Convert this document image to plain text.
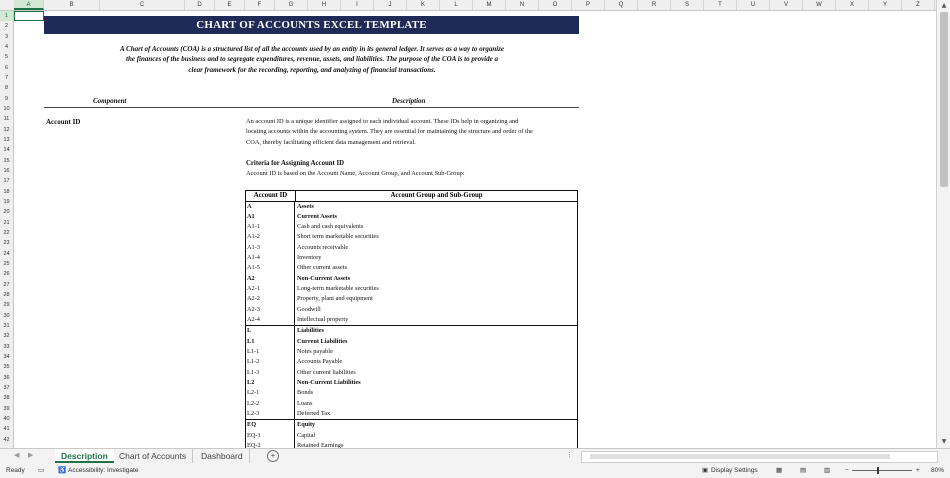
A	B	C	D	E	F	G	H	I	J	K	L	M	N	O	P	Q	R	S	T	U	V	W	X	Y	Z
1
2
3
4
5
6
7
8
9
10
11
12
13
14
15
16
17
18
19
20
21
22
23
24
25
26
27
28
29
30
31
32
33
34
35
36
37
38
39
40
41
42
CHART OF ACCOUNTS EXCEL TEMPLATE
A Chart of Accounts (COA) is a structured list of all the accounts used by an entity in its general ledger. It serves as a way to organize
the finances of the business and to segregate expenditures, revenue, assets, and liabilities. The purpose of the COA is to provide a
clear framework for the recording, reporting, and analyzing of financial transactions.
Component	Description
Account ID	An account ID is a unique identifier assigned to each individual account. These IDs help in organizing and
locating accounts within the accounting system. They are essential for maintaining the structure and order of the
COA, thereby facilitating efficient data management and retrieval.
Criteria for Assigning Account ID
Account ID is based on the Account Name, Account Group, and Account Sub-Group:
Account ID	Account Group and Sub-Group
A	Assets
A1	Current Assets
A1-1	Cash and cash equivalents
A1-2	Short term marketable securities
A1-3	Accounts receivable
A1-4	Inventory
A1-5	Other current assets
A2	Non-Current Assets
A2-1	Long-term marketable securities
A2-2	Property, plant and equipment
A2-3	Goodwill
A2-4	Intellectual property
L	Liabilities
L1	Current Liabilities
L1-1	Notes payable
L1-2	Accounts Payable
L1-3	Other current liabilities
L2	Non-Current Liabilities
L2-1	Bonds
L2-2	Loans
L2-3	Deferred Tax
EQ	Equity
EQ-1	Capital
EQ-2	Retained Earnings
▲
▼
◀ ▶	Description	Chart of Accounts	Dashboard	+	⋮
Ready ▭ ♿ Accessibility: Investigate	▣ Display Settings	▦	▤	▥ −	+ 80%
